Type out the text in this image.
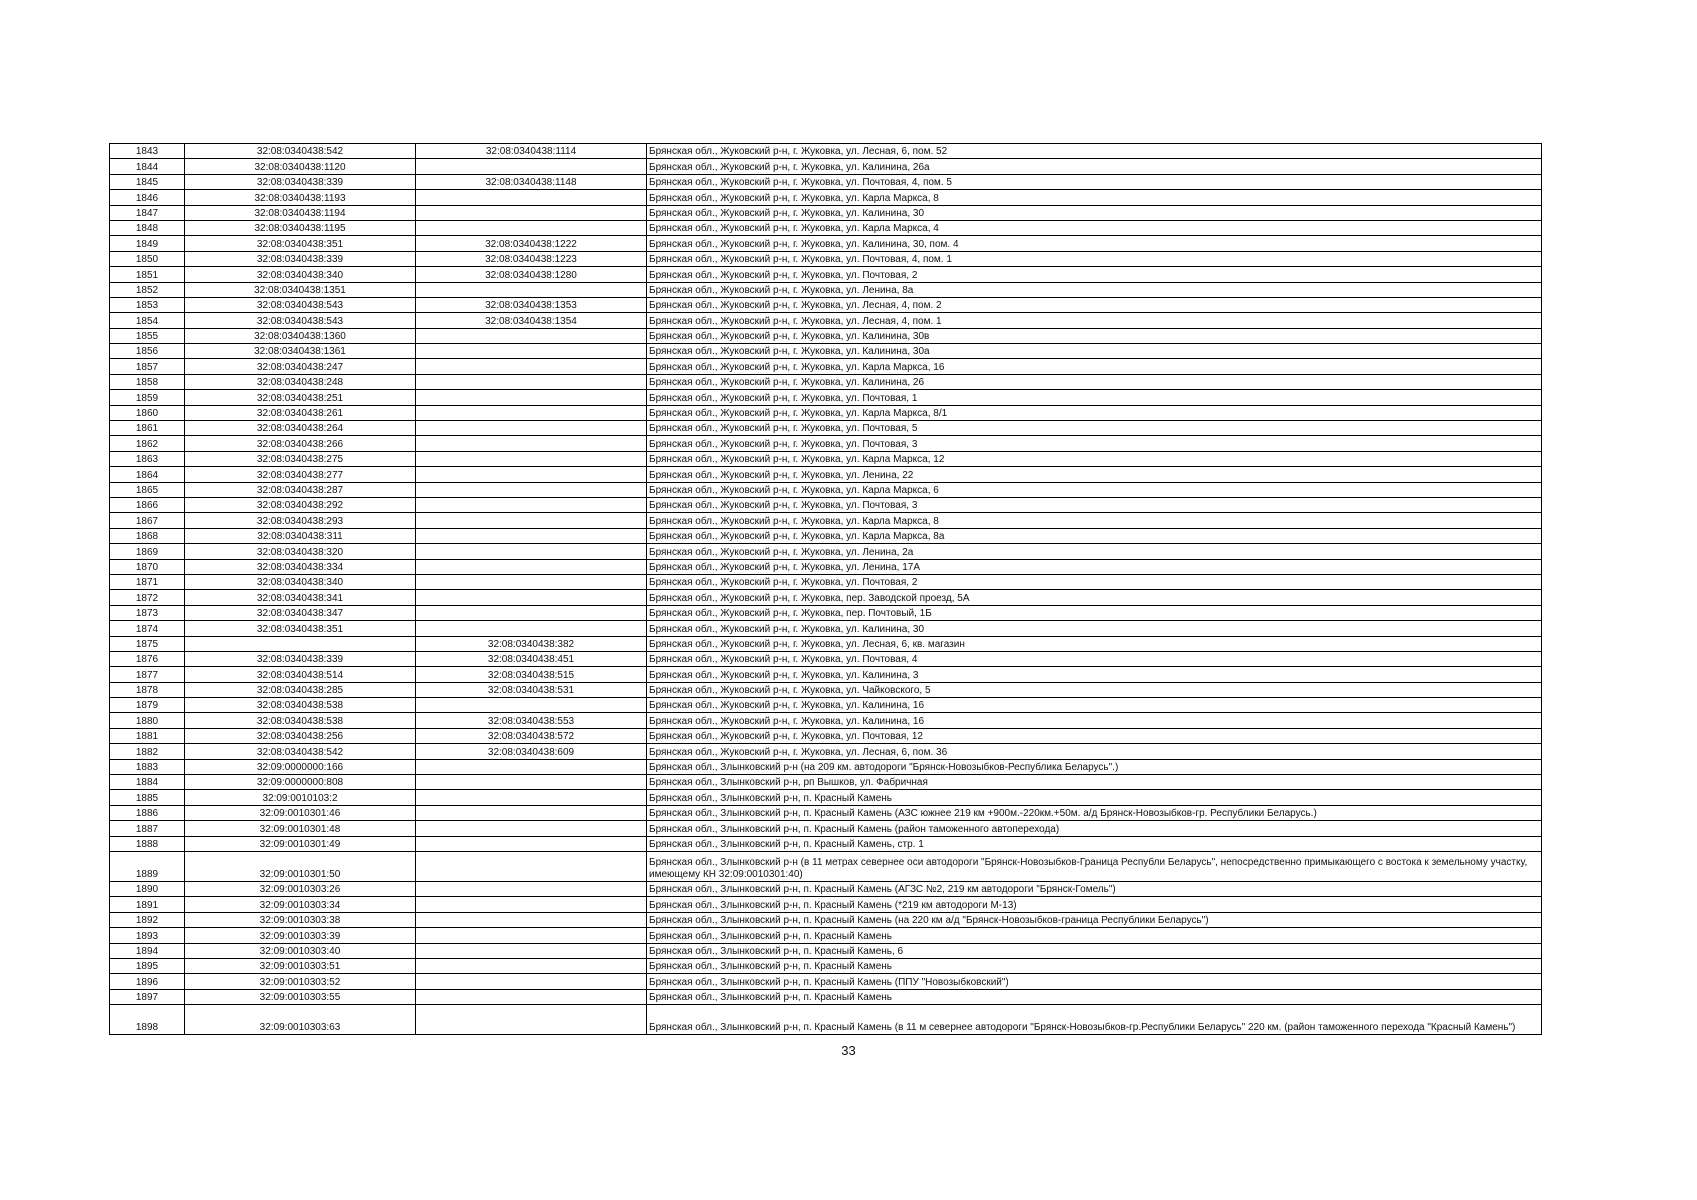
1843	32:08:0340438:542	32:08:0340438:1114	Брянская обл., Жуковский р-н, г. Жуковка, ул. Лесная, 6, пом. 52
1844	32:08:0340438:1120		Брянская обл., Жуковский р-н, г. Жуковка, ул. Калинина, 26а
1845	32:08:0340438:339	32:08:0340438:1148	Брянская обл., Жуковский р-н, г. Жуковка, ул. Почтовая, 4, пом. 5
1846	32:08:0340438:1193		Брянская обл., Жуковский р-н, г. Жуковка, ул. Карла Маркса, 8
1847	32:08:0340438:1194		Брянская обл., Жуковский р-н, г. Жуковка, ул. Калинина, 30
1848	32:08:0340438:1195		Брянская обл., Жуковский р-н, г. Жуковка, ул. Карла Маркса, 4
1849	32:08:0340438:351	32:08:0340438:1222	Брянская обл., Жуковский р-н, г. Жуковка, ул. Калинина, 30, пом. 4
1850	32:08:0340438:339	32:08:0340438:1223	Брянская обл., Жуковский р-н, г. Жуковка, ул. Почтовая, 4, пом. 1
1851	32:08:0340438:340	32:08:0340438:1280	Брянская обл., Жуковский р-н, г. Жуковка, ул. Почтовая, 2
1852	32:08:0340438:1351		Брянская обл., Жуковский р-н, г. Жуковка, ул. Ленина, 8а
1853	32:08:0340438:543	32:08:0340438:1353	Брянская обл., Жуковский р-н, г. Жуковка, ул. Лесная, 4, пом. 2
1854	32:08:0340438:543	32:08:0340438:1354	Брянская обл., Жуковский р-н, г. Жуковка, ул. Лесная, 4, пом. 1
1855	32:08:0340438:1360		Брянская обл., Жуковский р-н, г. Жуковка, ул. Калинина, 30в
1856	32:08:0340438:1361		Брянская обл., Жуковский р-н, г. Жуковка, ул. Калинина, 30а
1857	32:08:0340438:247		Брянская обл., Жуковский р-н, г. Жуковка, ул. Карла Маркса, 16
1858	32:08:0340438:248		Брянская обл., Жуковский р-н, г. Жуковка, ул. Калинина, 26
1859	32:08:0340438:251		Брянская обл., Жуковский р-н, г. Жуковка, ул. Почтовая, 1
1860	32:08:0340438:261		Брянская обл., Жуковский р-н, г. Жуковка, ул. Карла Маркса, 8/1
1861	32:08:0340438:264		Брянская обл., Жуковский р-н, г. Жуковка, ул. Почтовая, 5
1862	32:08:0340438:266		Брянская обл., Жуковский р-н, г. Жуковка, ул. Почтовая, 3
1863	32:08:0340438:275		Брянская обл., Жуковский р-н, г. Жуковка, ул. Карла Маркса, 12
1864	32:08:0340438:277		Брянская обл., Жуковский р-н, г. Жуковка, ул. Ленина, 22
1865	32:08:0340438:287		Брянская обл., Жуковский р-н, г. Жуковка, ул. Карла Маркса, 6
1866	32:08:0340438:292		Брянская обл., Жуковский р-н, г. Жуковка, ул. Почтовая, 3
1867	32:08:0340438:293		Брянская обл., Жуковский р-н, г. Жуковка, ул. Карла Маркса, 8
1868	32:08:0340438:311		Брянская обл., Жуковский р-н, г. Жуковка, ул. Карла Маркса, 8а
1869	32:08:0340438:320		Брянская обл., Жуковский р-н, г. Жуковка, ул. Ленина, 2а
1870	32:08:0340438:334		Брянская обл., Жуковский р-н, г. Жуковка, ул. Ленина, 17А
1871	32:08:0340438:340		Брянская обл., Жуковский р-н, г. Жуковка, ул. Почтовая, 2
1872	32:08:0340438:341		Брянская обл., Жуковский р-н, г. Жуковка, пер. Заводской проезд, 5А
1873	32:08:0340438:347		Брянская обл., Жуковский р-н, г. Жуковка, пер. Почтовый, 1Б
1874	32:08:0340438:351		Брянская обл., Жуковский р-н, г. Жуковка, ул. Калинина, 30
1875		32:08:0340438:382	Брянская обл., Жуковский р-н, г. Жуковка, ул. Лесная, 6, кв. магазин
1876	32:08:0340438:339	32:08:0340438:451	Брянская обл., Жуковский р-н, г. Жуковка, ул. Почтовая, 4
1877	32:08:0340438:514	32:08:0340438:515	Брянская обл., Жуковский р-н, г. Жуковка, ул. Калинина, 3
1878	32:08:0340438:285	32:08:0340438:531	Брянская обл., Жуковский р-н, г. Жуковка, ул. Чайковского, 5
1879	32:08:0340438:538		Брянская обл., Жуковский р-н, г. Жуковка, ул. Калинина, 16
1880	32:08:0340438:538	32:08:0340438:553	Брянская обл., Жуковский р-н, г. Жуковка, ул. Калинина, 16
1881	32:08:0340438:256	32:08:0340438:572	Брянская обл., Жуковский р-н, г. Жуковка, ул. Почтовая, 12
1882	32:08:0340438:542	32:08:0340438:609	Брянская обл., Жуковский р-н, г. Жуковка, ул. Лесная, 6, пом. 36
1883	32:09:0000000:166		Брянская обл., Злынковский р-н (на 209 км. автодороги "Брянск-Новозыбков-Республика Беларусь".)
1884	32:09:0000000:808		Брянская обл., Злынковский р-н, рп Вышков, ул. Фабричная
1885	32:09:0010103:2		Брянская обл., Злынковский р-н, п. Красный Камень
1886	32:09:0010301:46		Брянская обл., Злынковский р-н, п. Красный Камень (АЗС южнее 219 км +900м.-220км.+50м. а/д Брянск-Новозыбков-гр. Республики Беларусь.)
1887	32:09:0010301:48		Брянская обл., Злынковский р-н, п. Красный Камень (район таможенного автоперехода)
1888	32:09:0010301:49		Брянская обл., Злынковский р-н, п. Красный Камень, стр. 1
1889	32:09:0010301:50		Брянская обл., Злынковский р-н (в 11 метрах севернее оси автодороги "Брянск-Новозыбков-Граница Республи Беларусь", непосредственно примыкающего с востока к земельному участку, имеющему КН 32:09:0010301:40)
1890	32:09:0010303:26		Брянская обл., Злынковский р-н, п. Красный Камень (АГЗС №2, 219 км автодороги "Брянск-Гомель")
1891	32:09:0010303:34		Брянская обл., Злынковский р-н, п. Красный Камень (*219 км автодороги М-13)
1892	32:09:0010303:38		Брянская обл., Злынковский р-н, п. Красный Камень (на 220 км а/д "Брянск-Новозыбков-граница Республики Беларусь")
1893	32:09:0010303:39		Брянская обл., Злынковский р-н, п. Красный Камень
1894	32:09:0010303:40		Брянская обл., Злынковский р-н, п. Красный Камень, 6
1895	32:09:0010303:51		Брянская обл., Злынковский р-н, п. Красный Камень
1896	32:09:0010303:52		Брянская обл., Злынковский р-н, п. Красный Камень (ППУ "Новозыбковский")
1897	32:09:0010303:55		Брянская обл., Злынковский р-н, п. Красный Камень
1898	32:09:0010303:63		Брянская обл., Злынковский р-н, п. Красный Камень (в 11 м севернее автодороги "Брянск-Новозыбков-гр.Республики Беларусь" 220 км. (район таможенного перехода "Красный Камень")
33
